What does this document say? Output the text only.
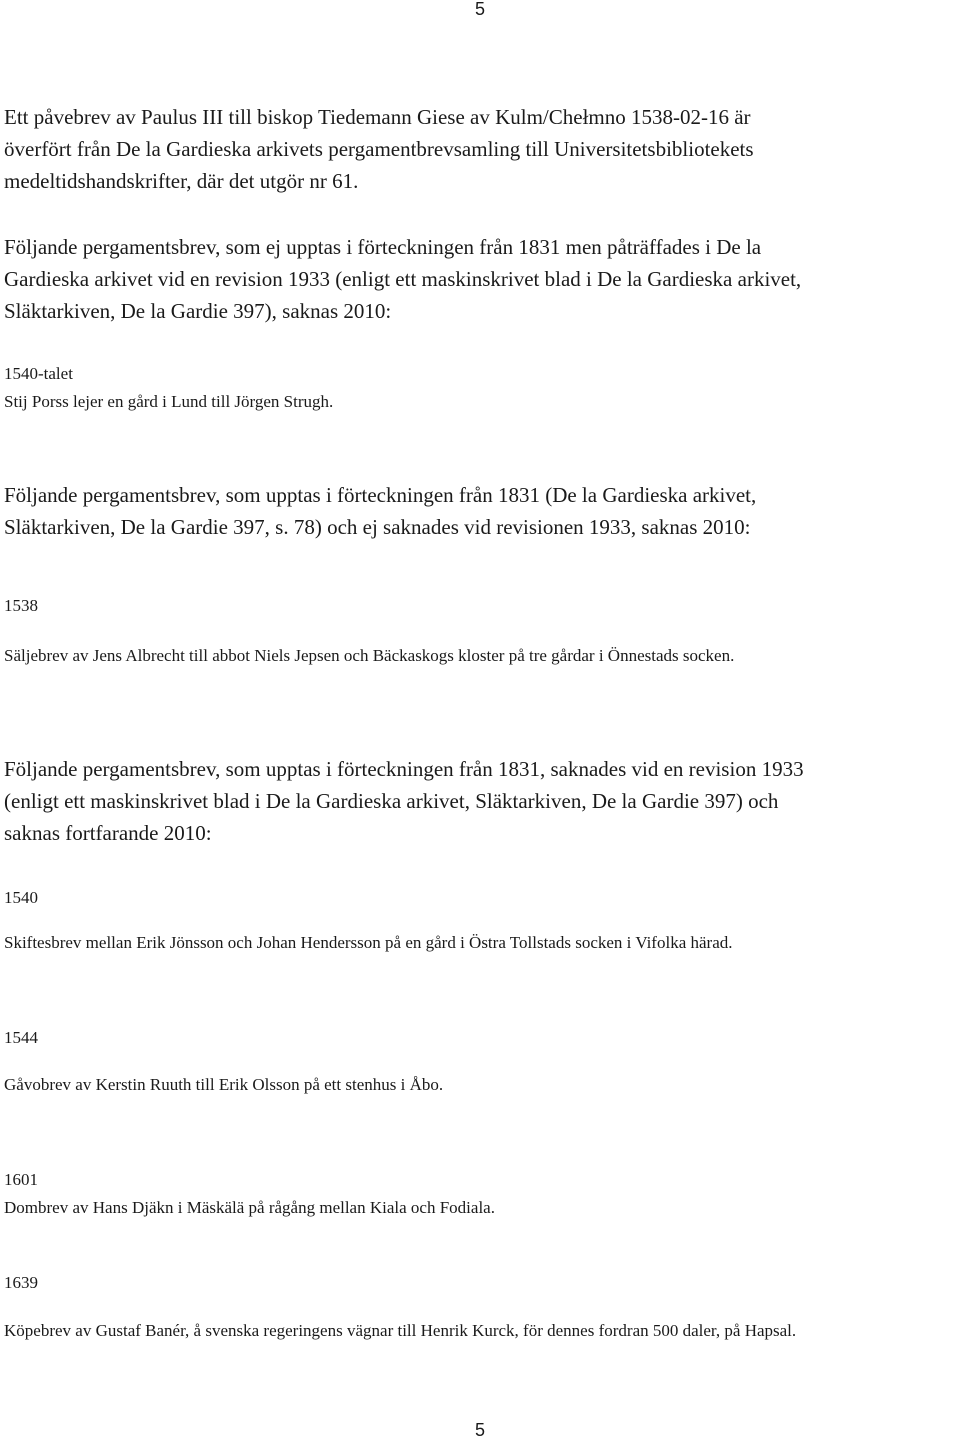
5

Ett påvebrev av Paulus III till biskop Tiedemann Giese av Kulm/Chełmno 1538-02-16 är
överfört från De la Gardieska arkivets pergamentbrevsamling till Universitetsbibliotekets
medeltidshandskrifter, där det utgör nr 61.

Följande pergamentsbrev, som ej upptas i förteckningen från 1831 men påträffades i De la
Gardieska arkivet vid en revision 1933 (enligt ett maskinskrivet blad i De la Gardieska arkivet,
Släktarkiven, De la Gardie 397), saknas 2010:

1540-talet
Stij Porss lejer en gård i Lund till Jörgen Strugh.

Följande pergamentsbrev, som upptas i förteckningen från 1831 (De la Gardieska arkivet,
Släktarkiven, De la Gardie 397, s. 78) och ej saknades vid revisionen 1933, saknas 2010:

1538
Säljebrev av Jens Albrecht till abbot Niels Jepsen och Bäckaskogs kloster på tre gårdar i Önnestads socken.

Följande pergamentsbrev, som upptas i förteckningen från 1831, saknades vid en revision 1933
(enligt ett maskinskrivet blad i De la Gardieska arkivet, Släktarkiven, De la Gardie 397) och
saknas fortfarande 2010:

1540
Skiftesbrev mellan Erik Jönsson och Johan Hendersson på en gård i Östra Tollstads socken i Vifolka härad.
1544
Gåvobrev av Kerstin Ruuth till Erik Olsson på ett stenhus i Åbo.
1601
Dombrev av Hans Djäkn i Mäskälä på rågång mellan Kiala och Fodiala.
1639
Köpebrev av Gustaf Banér, å svenska regeringens vägnar till Henrik Kurck, för dennes fordran 500 daler, på Hapsal.
5
